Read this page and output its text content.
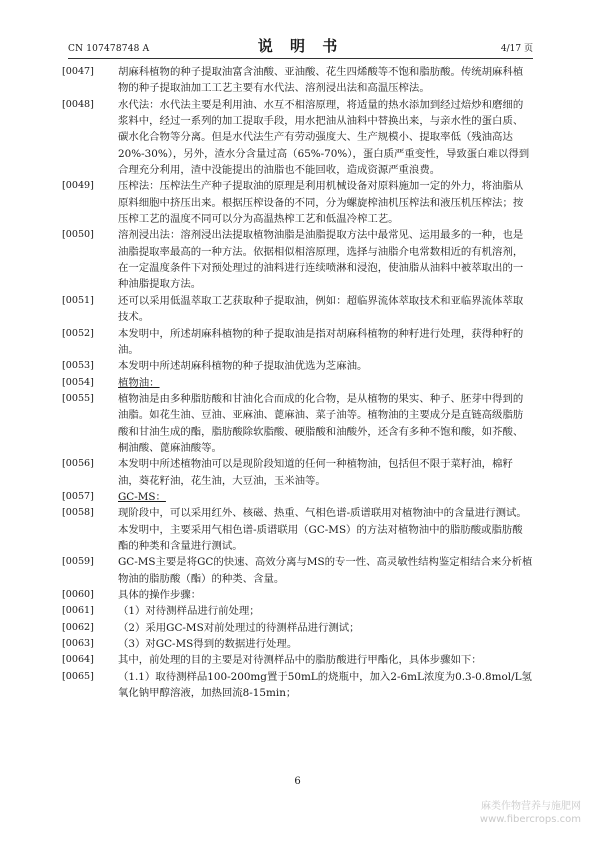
CN 107478748 A	说 明 书	4/17 页

[0047] 胡麻科植物的种子提取油富含油酸、亚油酸、花生四烯酸等不饱和脂肪酸。传统胡麻科植物的种子提取油加工工艺主要有水代法、溶剂浸出法和高温压榨法。

[0048] 水代法：水代法主要是利用油、水互不相溶原理，将适量的热水添加到经过焙炒和磨细的浆料中，经过一系列的加工提取手段，用水把油从油料中替换出来，与亲水性的蛋白质、碳水化合物等分离。但是水代法生产有劳动强度大、生产规模小、提取率低（残油高达20%-30%），另外，渣水分含量过高（65%-70%），蛋白质严重变性，导致蛋白难以得到合理充分利用，渣中没能提出的油脂也不能回收，造成资源严重浪费。

[0049] 压榨法：压榨法生产种子提取油的原理是利用机械设备对原料施加一定的外力，将油脂从原料细胞中挤压出来。根据压榨设备的不同，分为螺旋榨油机压榨法和液压机压榨法；按压榨工艺的温度不同可以分为高温热榨工艺和低温冷榨工艺。

[0050] 溶剂浸出法：溶剂浸出法提取植物油脂是油脂提取方法中最常见、运用最多的一种，也是油脂提取率最高的一种方法。依据相似相溶原理，选择与油脂介电常数相近的有机溶剂，在一定温度条件下对预处理过的油料进行连续喷淋和浸泡，使油脂从油料中被萃取出的一种油脂提取方法。

[0051] 还可以采用低温萃取工艺获取种子提取油，例如：超临界流体萃取技术和亚临界流体萃取技术。

[0052] 本发明中，所述胡麻科植物的种子提取油是指对胡麻科植物的种籽进行处理，获得种籽的油。

[0053] 本发明中所述胡麻科植物的种子提取油优选为芝麻油。

[0054] 植物油：

[0055] 植物油是由多种脂肪酸和甘油化合而成的化合物，是从植物的果实、种子、胚芽中得到的油脂。如花生油、豆油、亚麻油、蓖麻油、菜子油等。植物油的主要成分是直链高级脂肪酸和甘油生成的酯，脂肪酸除软脂酸、硬脂酸和油酸外，还含有多种不饱和酸，如芥酸、桐油酸、蓖麻油酸等。

[0056] 本发明中所述植物油可以是现阶段知道的任何一种植物油，包括但不限于菜籽油，棉籽油，葵花籽油，花生油，大豆油，玉米油等。

[0057] GC-MS：

[0058] 现阶段中，可以采用红外、核磁、热重、气相色谱-质谱联用对植物油中的含量进行测试。本发明中，主要采用气相色谱-质谱联用（GC-MS）的方法对植物油中的脂肪酸或脂肪酸酯的种类和含量进行测试。

[0059] GC-MS主要是将GC的快速、高效分离与MS的专一性、高灵敏性结构鉴定相结合来分析植物油的脂肪酸（酯）的种类、含量。

[0060] 具体的操作步骤：

[0061] （1）对待测样品进行前处理；

[0062] （2）采用GC-MS对前处理过的待测样品进行测试；

[0063] （3）对GC-MS得到的数据进行处理。

[0064] 其中，前处理的目的主要是对待测样品中的脂肪酸进行甲酯化，具体步骤如下：

[0065] （1.1）取待测样品100-200mg置于50mL的烧瓶中，加入2-6mL浓度为0.3-0.8mol/L氢氧化钠甲醇溶液，加热回流8-15min；

6
麻类作物营养与施肥网
www.fibercrops.com
